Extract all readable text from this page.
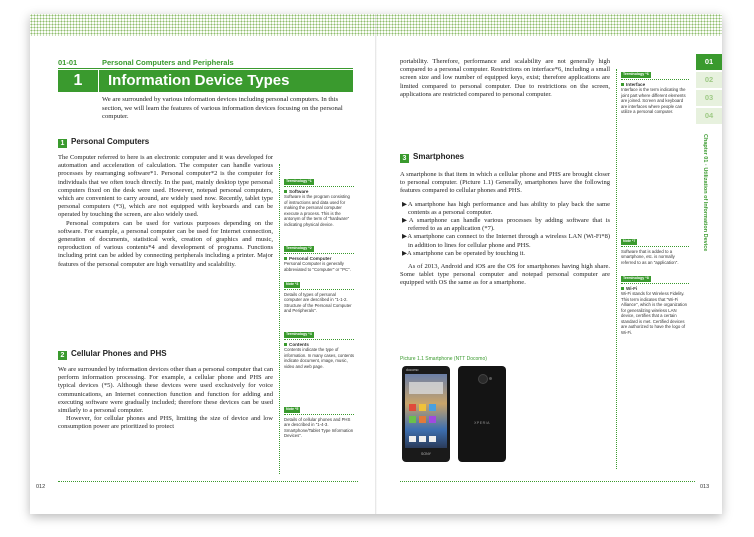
01-01	Personal Computers and Peripherals
1	Information Device Types
We are surrounded by various information devices including personal computers. In this section, we will learn the features of various information devices focusing on the personal computer.
1 Personal Computers

The Computer referred to here is an electronic computer and it was developed for automation and acceleration of calculation. The computer can handle various processes by rearranging software*1. Personal computer*2 is the computer for individuals that we often touch directly. In the past, mainly desktop type personal computers fixed on the desk were used. However, notepad personal computers, which are convenient to carry around, are widely used now. Recently, tablet type personal computers (*3), which are not equipped with keyboards and can be operated by touching the screen, are also widely used.

Personal computers can be used for various purposes depending on the software. For example, a personal computer can be used for Internet connection, generation of documents, statistical work, creation of graphics and music, reproduction of various contents*4 and development of programs. Functions including print can be added by connecting peripherals including a printer. Major features of the personal computer are high versatility and scalability.

2 Cellular Phones and PHS

We are surrounded by information devices other than a personal computer that can perform information processing. For example, a cellular phone and PHS are typical devices (*5). Although these devices were used exclusively for voice communications, an Internet connection function and function for adding and executing software were gradually included; therefore these devices can be used similarly to a personal computer.

However, for cellular phones and PHS, limiting the size of device and low consumption power are prioritized to protect

Terminology *1
Software
Software is the program consisting of instructions and data used for making the personal computer execute a process. This is the antonym of the term of "hardware" indicating physical device.
Terminology *2
Personal Computer
Personal Computer is generally abbreviated to "Computer" or "PC".
Note *3
Details of types of personal computer are described in "1-1-2. Structure of the Personal Computer and Peripherals".
Terminology *4
Contents
Contents indicate the type of information. In many cases, contents indicate document, image, music, video and web page.
Note *5
Details of cellular phones and PHS are described in "1-4-3. Smartphone/Tablet Type Information Devices".
012

portability. Therefore, performance and scalability are not generally high compared to a personal computer. Restrictions on interface*6, including a small screen size and low number of equipped keys, exist; therefore applications are limited compared to personal computer. Due to restrictions on the screen, applications are restricted compared to personal computer.

3 Smartphones

A smartphone is that item in which a cellular phone and PHS are brought closer to personal computer. (Picture 1.1) Generally, smartphones have the following features compared to cellular phones and PHS.

▶A smartphone has high performance and has ability to play back the same contents as a personal computer.
▶A smartphone can handle various processes by adding software that is referred to as an application (*7).
▶A smartphone can connect to the Internet through a wireless LAN (Wi-Fi*8) in addition to lines for cellular phone and PHS.
▶A smartphone can be operated by touching it.

As of 2013, Android and iOS are the OS for smartphones having high share. Some tablet type personal computer and notepad personal computer are equipped with OS the same as for a smartphone.

Picture 1.1 Smartphone (NTT Docomo)
docomo
SONY
XPERIA
Terminology *6
Interface
Interface is the term indicating the joint part where different elements are joined. Screen and keyboard are interfaces where people can utilize a personal computer.
Note *7
Software that is added to a smartphone, etc. is normally referred to as an "application".
Terminology *8
Wi-Fi
Wi-Fi stands for Wireless Fidelity. This term indicates that "Wi-Fi Alliance", which is the organization for generalizing wireless LAN device, certifies that a certain standard is met. Certified devices are authorized to have the logo of Wi-Fi.
01
02
03
04
Chapter 01 · Utilization of Information Device
013
